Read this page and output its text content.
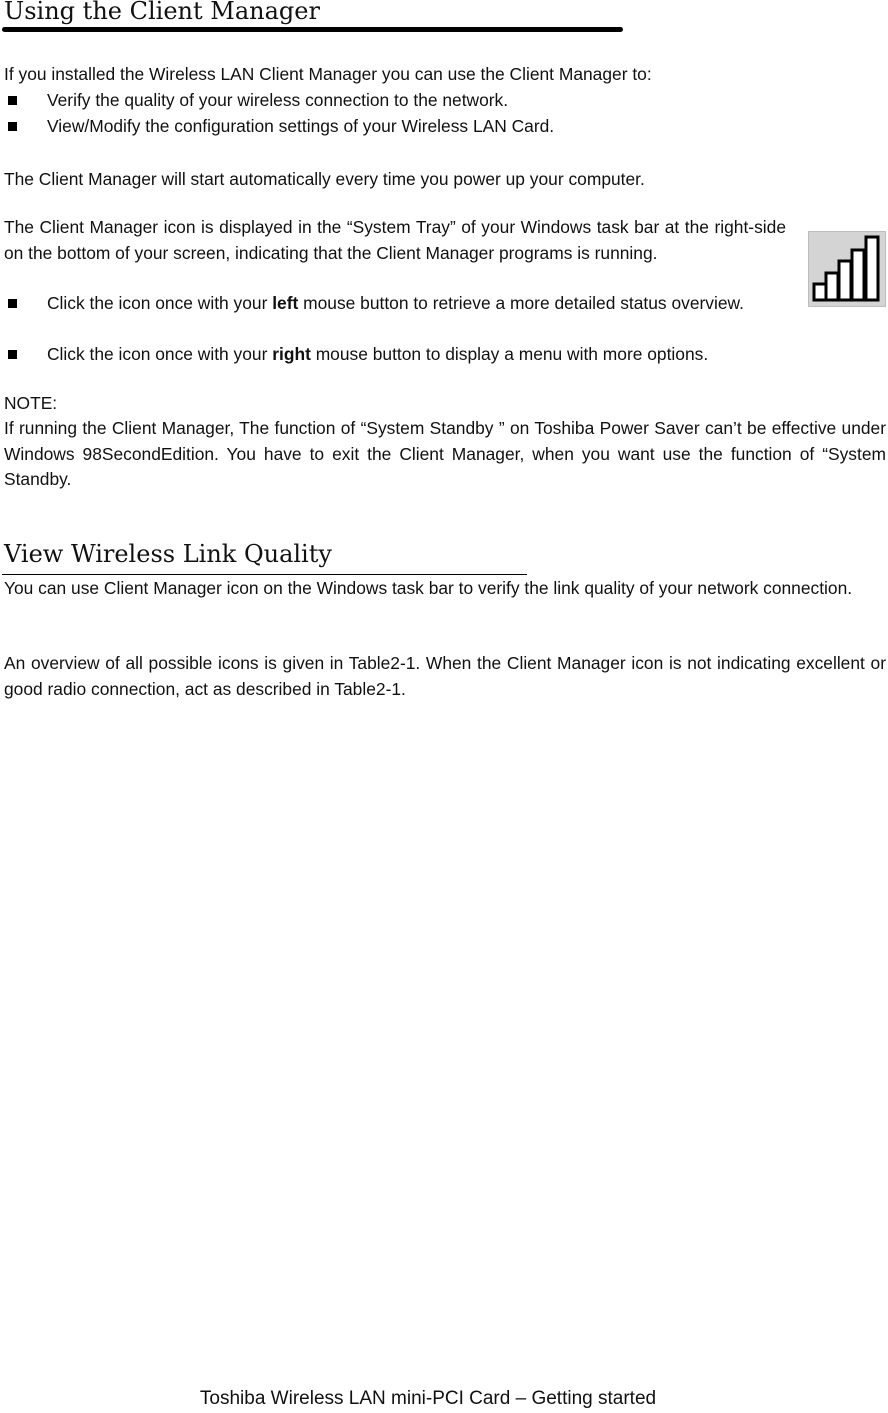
Using the Client Manager
If you installed the Wireless LAN Client Manager you can use the Client Manager to:
Verify the quality of your wireless connection to the network.
View/Modify the configuration settings of your Wireless LAN Card.
The Client Manager will start automatically every time you power up your computer.
The Client Manager icon is displayed in the “System Tray” of your Windows task bar at the right-side on the bottom of your screen, indicating that the Client Manager programs is running.
Click the icon once with your left mouse button to retrieve a more detailed status overview.
Click the icon once with your right mouse button to display a menu with more options.
NOTE:
If running the Client Manager, The function of “System Standby ” on Toshiba Power Saver can’t be effective under Windows 98SecondEdition. You have to exit the Client Manager, when you want use the function of “System Standby.
View Wireless Link Quality
You can use Client Manager icon on the Windows task bar to verify the link quality of your network connection.
An overview of all possible icons is given in Table2-1. When the Client Manager icon is not indicating excellent or good radio connection, act as described in Table2-1.
Toshiba Wireless LAN mini-PCI Card – Getting started
